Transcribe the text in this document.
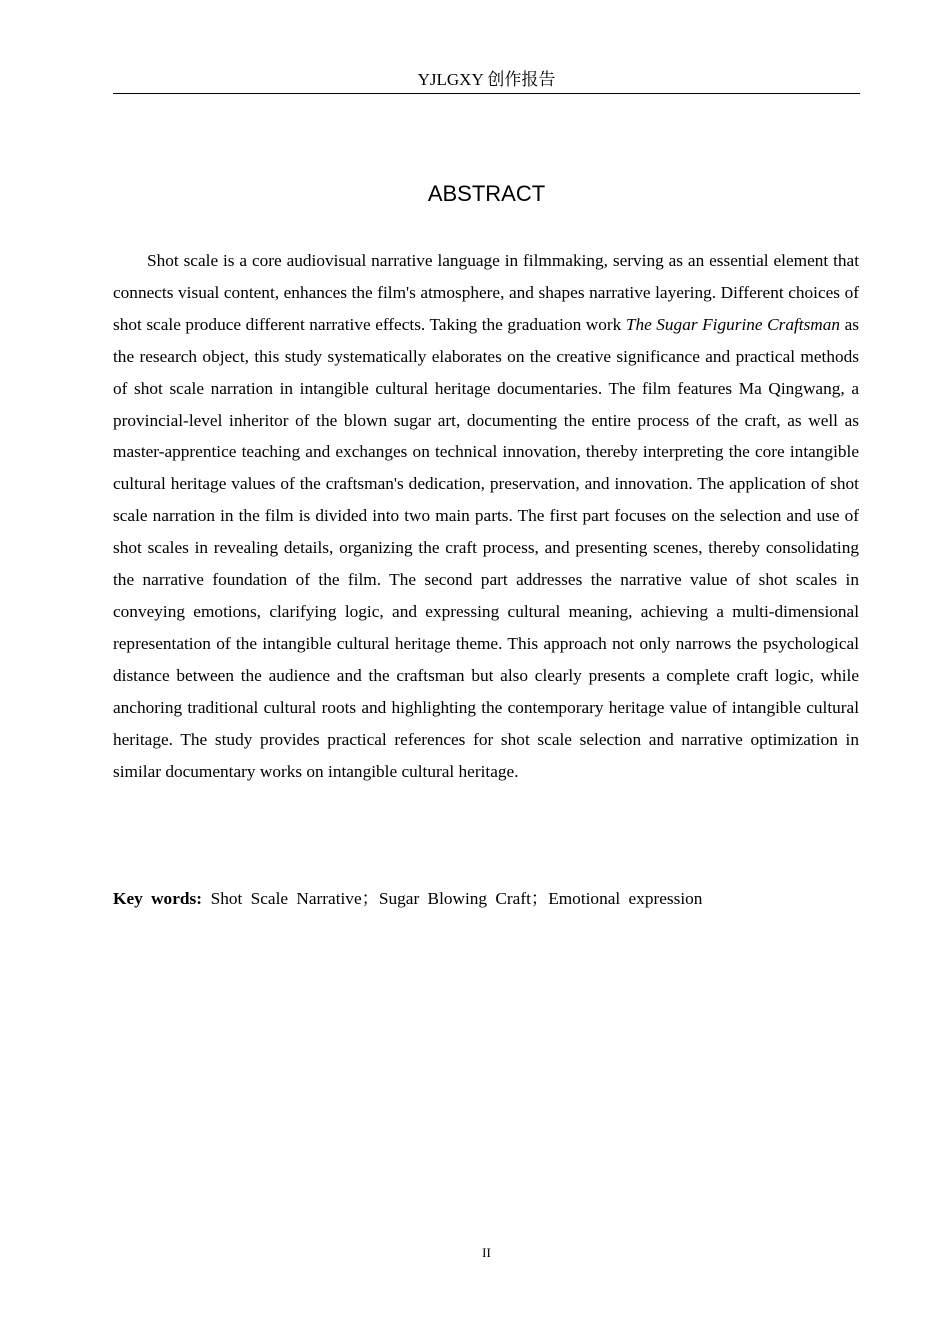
YJLGXY 创作报告
ABSTRACT

Shot scale is a core audiovisual narrative language in filmmaking, serving as an essential element that connects visual content, enhances the film's atmosphere, and shapes narrative layering. Different choices of shot scale produce different narrative effects. Taking the graduation work The Sugar Figurine Craftsman as the research object, this study systematically elaborates on the creative significance and practical methods of shot scale narration in intangible cultural heritage documentaries. The film features Ma Qingwang, a provincial-level inheritor of the blown sugar art, documenting the entire process of the craft, as well as master-apprentice teaching and exchanges on technical innovation, thereby interpreting the core intangible cultural heritage values of the craftsman's dedication, preservation, and innovation. The application of shot scale narration in the film is divided into two main parts. The first part focuses on the selection and use of shot scales in revealing details, organizing the craft process, and presenting scenes, thereby consolidating the narrative foundation of the film. The second part addresses the narrative value of shot scales in conveying emotions, clarifying logic, and expressing cultural meaning, achieving a multi-dimensional representation of the intangible cultural heritage theme. This approach not only narrows the psychological distance between the audience and the craftsman but also clearly presents a complete craft logic, while anchoring traditional cultural roots and highlighting the contemporary heritage value of intangible cultural heritage. The study provides practical references for shot scale selection and narrative optimization in similar documentary works on intangible cultural heritage.

Key words: Shot Scale Narrative；Sugar Blowing Craft；Emotional expression

II
